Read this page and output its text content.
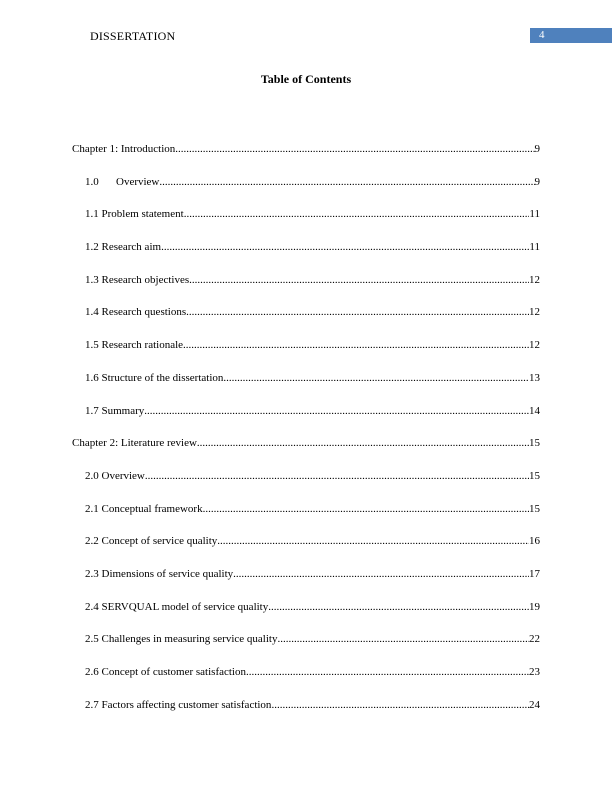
DISSERTATION	4
Table of Contents
Chapter 1: Introduction .....	9
1.0 Overview .....	9
1.1 Problem statement .....	11
1.2 Research aim .....	11
1.3 Research objectives .....	12
1.4 Research questions .....	12
1.5 Research rationale .....	12
1.6 Structure of the dissertation .....	13
1.7 Summary .....	14
Chapter 2: Literature review .....	15
2.0 Overview .....	15
2.1 Conceptual framework .....	15
2.2 Concept of service quality .....	16
2.3 Dimensions of service quality .....	17
2.4 SERVQUAL model of service quality .....	19
2.5 Challenges in measuring service quality .....	22
2.6 Concept of customer satisfaction .....	23
2.7 Factors affecting customer satisfaction .....	24
